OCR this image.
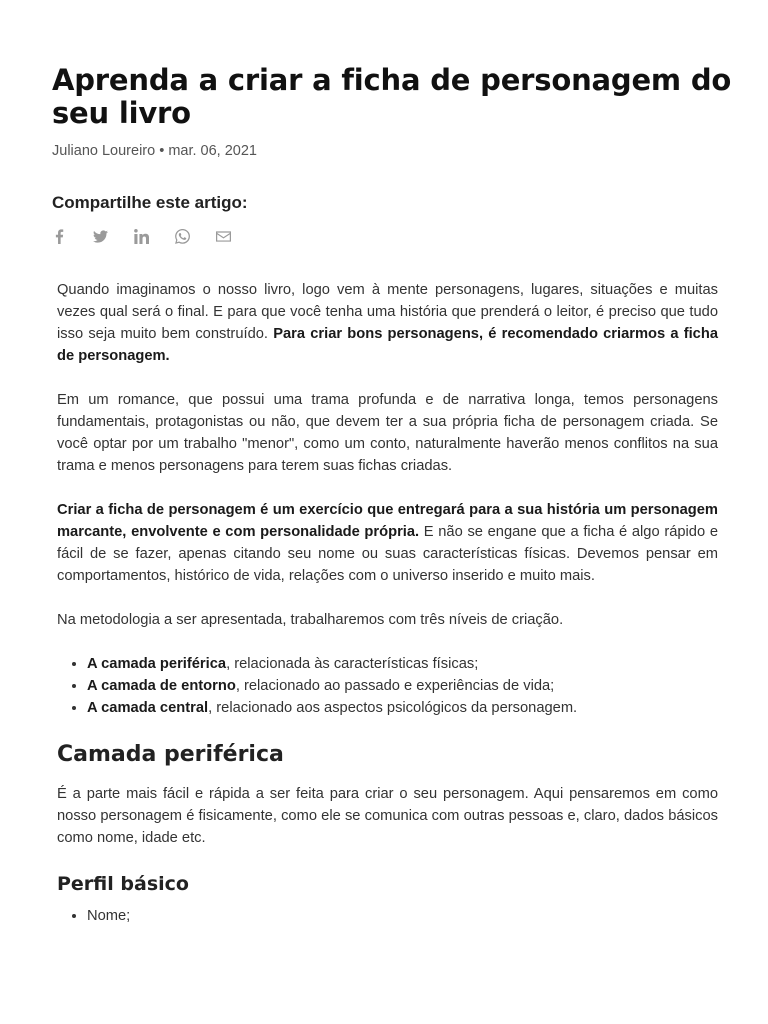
Aprenda a criar a ficha de personagem do seu livro

Juliano Loureiro • mar. 06, 2021

Compartilhe este artigo:

Quando imaginamos o nosso livro, logo vem à mente personagens, lugares, situações e muitas vezes qual será o final. E para que você tenha uma história que prenderá o leitor, é preciso que tudo isso seja muito bem construído. Para criar bons personagens, é recomendado criarmos a ficha de personagem.

Em um romance, que possui uma trama profunda e de narrativa longa, temos personagens fundamentais, protagonistas ou não, que devem ter a sua própria ficha de personagem criada. Se você optar por um trabalho "menor", como um conto, naturalmente haverão menos conflitos na sua trama e menos personagens para terem suas fichas criadas.

Criar a ficha de personagem é um exercício que entregará para a sua história um personagem marcante, envolvente e com personalidade própria. E não se engane que a ficha é algo rápido e fácil de se fazer, apenas citando seu nome ou suas características físicas. Devemos pensar em comportamentos, histórico de vida, relações com o universo inserido e muito mais.

Na metodologia a ser apresentada, trabalharemos com três níveis de criação.

• A camada periférica, relacionada às características físicas;
• A camada de entorno, relacionado ao passado e experiências de vida;
• A camada central, relacionado aos aspectos psicológicos da personagem.
Camada periférica

É a parte mais fácil e rápida a ser feita para criar o seu personagem. Aqui pensaremos em como nosso personagem é fisicamente, como ele se comunica com outras pessoas e, claro, dados básicos como nome, idade etc.

Perfil básico
• Nome;
